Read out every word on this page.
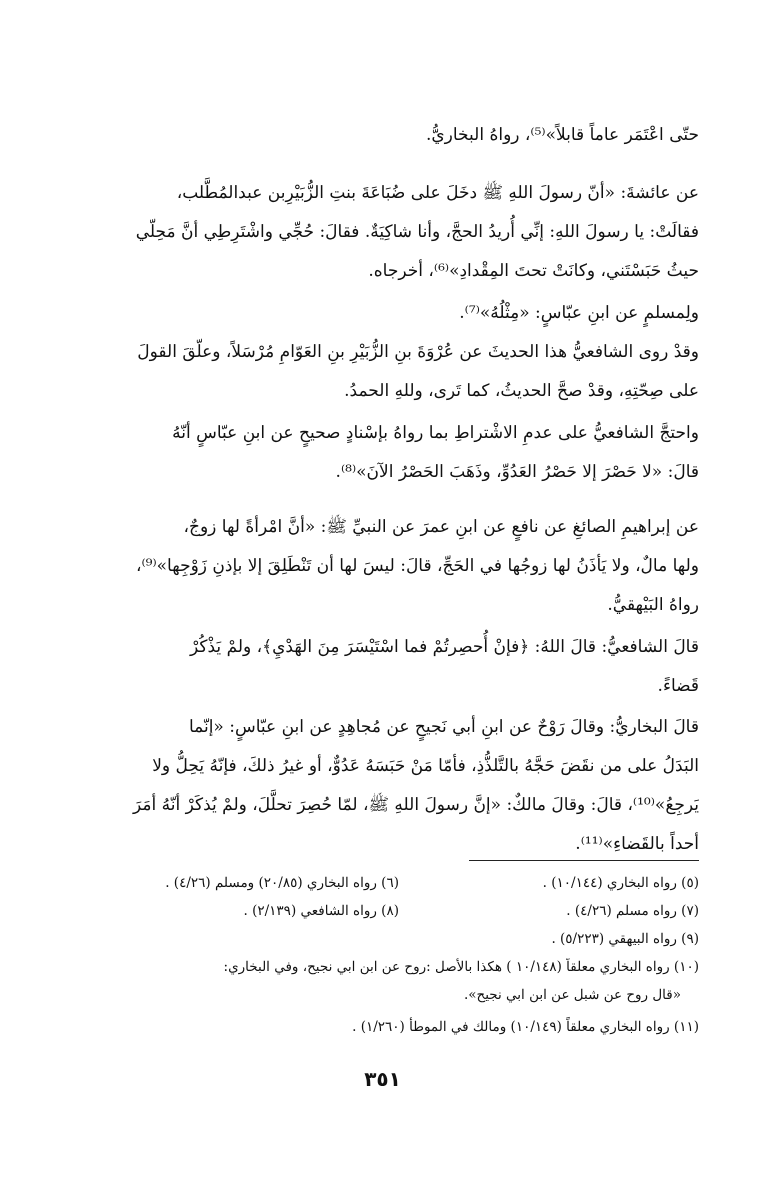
حتّى اعْتَمَر عاماً قابلاً»⁽⁵⁾، رواهُ البخاريُّ.
عن عائشةَ: «أنّ رسولَ اللهِ ﷺ دخَلَ على ضُبَاعَةَ بنتِ الزُّبَيْرِبن عبدالمُطَّلب،
فقالَتْ: يا رسولَ اللهِ: إنِّي أُريدُ الحجَّ، وأنا شاكِيَةٌ. فقالَ: حُجِّي واشْتَرِطِي أنَّ مَحِلّي
حيثُ حَبَسْتَني، وكانَتْ تحتَ المِقْدادِ»⁽⁶⁾، أخرجاه.
ولِمسلمٍ عن ابنِ عبّاسٍ: «مِثْلُهُ»⁽⁷⁾.
وقدْ روى الشافعيُّ هذا الحديثَ عن عُرْوَةَ بنِ الزُّبَيْرِ بنِ العَوّامِ مُرْسَلاً، وعلّقَ القولَ
على صِحّتِهِ، وقدْ صحَّ الحديثُ، كما تَرى، وللهِ الحمدُ.
واحتجَّ الشافعيُّ على عدمِ الاشْتراطِ بما رواهُ بإسْنادٍ صحيحٍ عن ابنِ عبّاسٍ أنّهُ
قالَ: «لا حَصْرَ إلا حَصْرُ العَدُوِّ، وذَهَبَ الحَصْرُ الآنَ»⁽⁸⁾.
عن إبراهيمِ الصائغِ عن نافعٍ عن ابنِ عمرَ عن النبيِّ ﷺ: «أنَّ امْرأةً لها زوجٌ،
ولها مالٌ، ولا يَأذَنُ لها زوجُها في الحَجِّ، قالَ: ليسَ لها أن تَنْطَلِقَ إلا بإذنِ زَوْجِها»⁽⁹⁾،
رواهُ البَيْهقيُّ.
قالَ الشافعيُّ: قالَ اللهُ: ﴿فإنْ أُحصِرتُمْ فما اسْتَيْسَرَ مِنَ الهَدْيِ﴾، ولمْ يَذْكُرْ
قَضاءً.
قالَ البخاريُّ: وقالَ رَوْحٌ عن ابنِ أبي نَجيحٍ عن مُجاهِدٍ عن ابنِ عبّاسٍ: «إنّما
البَدَلُ على من نقَضَ حَجَّهُ بالتَّلذُّذِ، فأمّا مَنْ حَبَسَهُ عَدُوٌّ، أو غيرُ ذلكَ، فإنّهُ يَحِلُّ ولا
يَرجِعُ»⁽¹⁰⁾، قالَ: وقالَ مالكٌ: «إنَّ رسولَ اللهِ ﷺ، لمّا حُصِرَ تحلَّلَ، ولمْ يُذكَرْ أنّهُ أمَرَ
أحداً بالقَضاءِ»⁽¹¹⁾.
(٥) رواه البخاري (١٠/١٤٤) .
(٦) رواه البخاري (٢٠/٨٥) ومسلم (٤/٢٦) .
(٧) رواه مسلم (٤/٢٦) .
(٨) رواه الشافعي (٢/١٣٩) .
(٩) رواه البيهقي (٥/٢٢٣) .
(١٠) رواه البخاري معلقاً (١٠/١٤٨ ) هكذا بالأصل :روح عن ابن ابي نجيح، وفي البخاري:
«قال روح عن شبل عن ابن ابي نجيح».
(١١) رواه البخاري معلقاً (١٠/١٤٩) ومالك في الموطأ (١/٢٦٠) .
٣٥١
